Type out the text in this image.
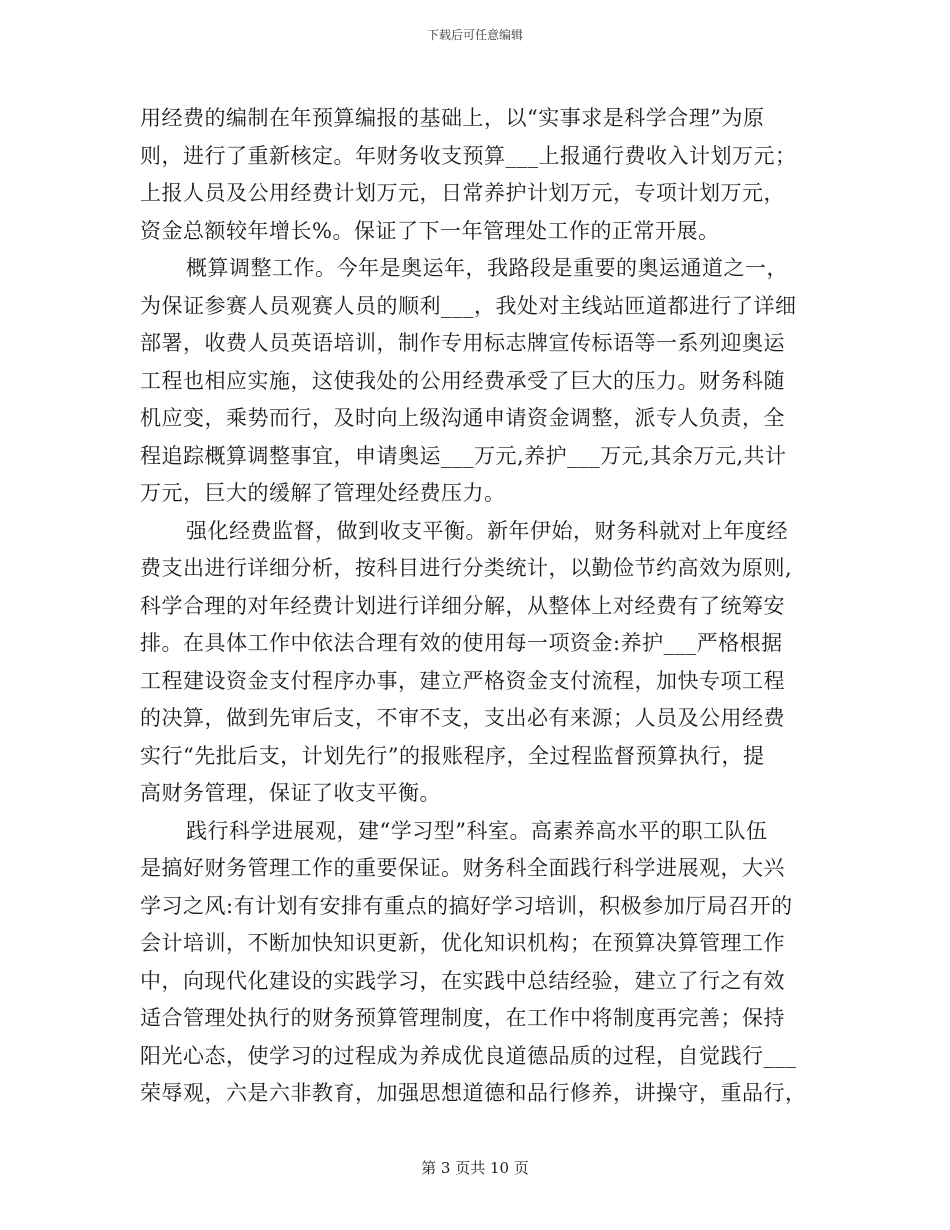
下载后可任意编辑
用经费的编制在年预算编报的基础上，以“实事求是科学合理”为原
则，进行了重新核定。年财务收支预算___上报通行费收入计划万元；
上报人员及公用经费计划万元，日常养护计划万元，专项计划万元，
资金总额较年增长%。保证了下一年管理处工作的正常开展。
概算调整工作。今年是奥运年，我路段是重要的奥运通道之一，
为保证参赛人员观赛人员的顺利___，我处对主线站匝道都进行了详细
部署，收费人员英语培训，制作专用标志牌宣传标语等一系列迎奥运
工程也相应实施，这使我处的公用经费承受了巨大的压力。财务科随
机应变，乘势而行，及时向上级沟通申请资金调整，派专人负责，全
程追踪概算调整事宜，申请奥运___万元,养护___万元,其余万元,共计
万元，巨大的缓解了管理处经费压力。
强化经费监督，做到收支平衡。新年伊始，财务科就对上年度经
费支出进行详细分析，按科目进行分类统计，以勤俭节约高效为原则,
科学合理的对年经费计划进行详细分解，从整体上对经费有了统筹安
排。在具体工作中依法合理有效的使用每一项资金:养护___严格根据
工程建设资金支付程序办事，建立严格资金支付流程，加快专项工程
的决算，做到先审后支，不审不支，支出必有来源；人员及公用经费
实行“先批后支，计划先行”的报账程序，全过程监督预算执行，提
高财务管理，保证了收支平衡。
践行科学进展观，建“学习型”科室。高素养高水平的职工队伍
是搞好财务管理工作的重要保证。财务科全面践行科学进展观，大兴
学习之风:有计划有安排有重点的搞好学习培训，积极参加厅局召开的
会计培训，不断加快知识更新，优化知识机构；在预算决算管理工作
中，向现代化建设的实践学习，在实践中总结经验，建立了行之有效
适合管理处执行的财务预算管理制度，在工作中将制度再完善；保持
阳光心态，使学习的过程成为养成优良道德品质的过程，自觉践行___
荣辱观，六是六非教育，加强思想道德和品行修养，讲操守，重品行，
第 3 页共 10 页
